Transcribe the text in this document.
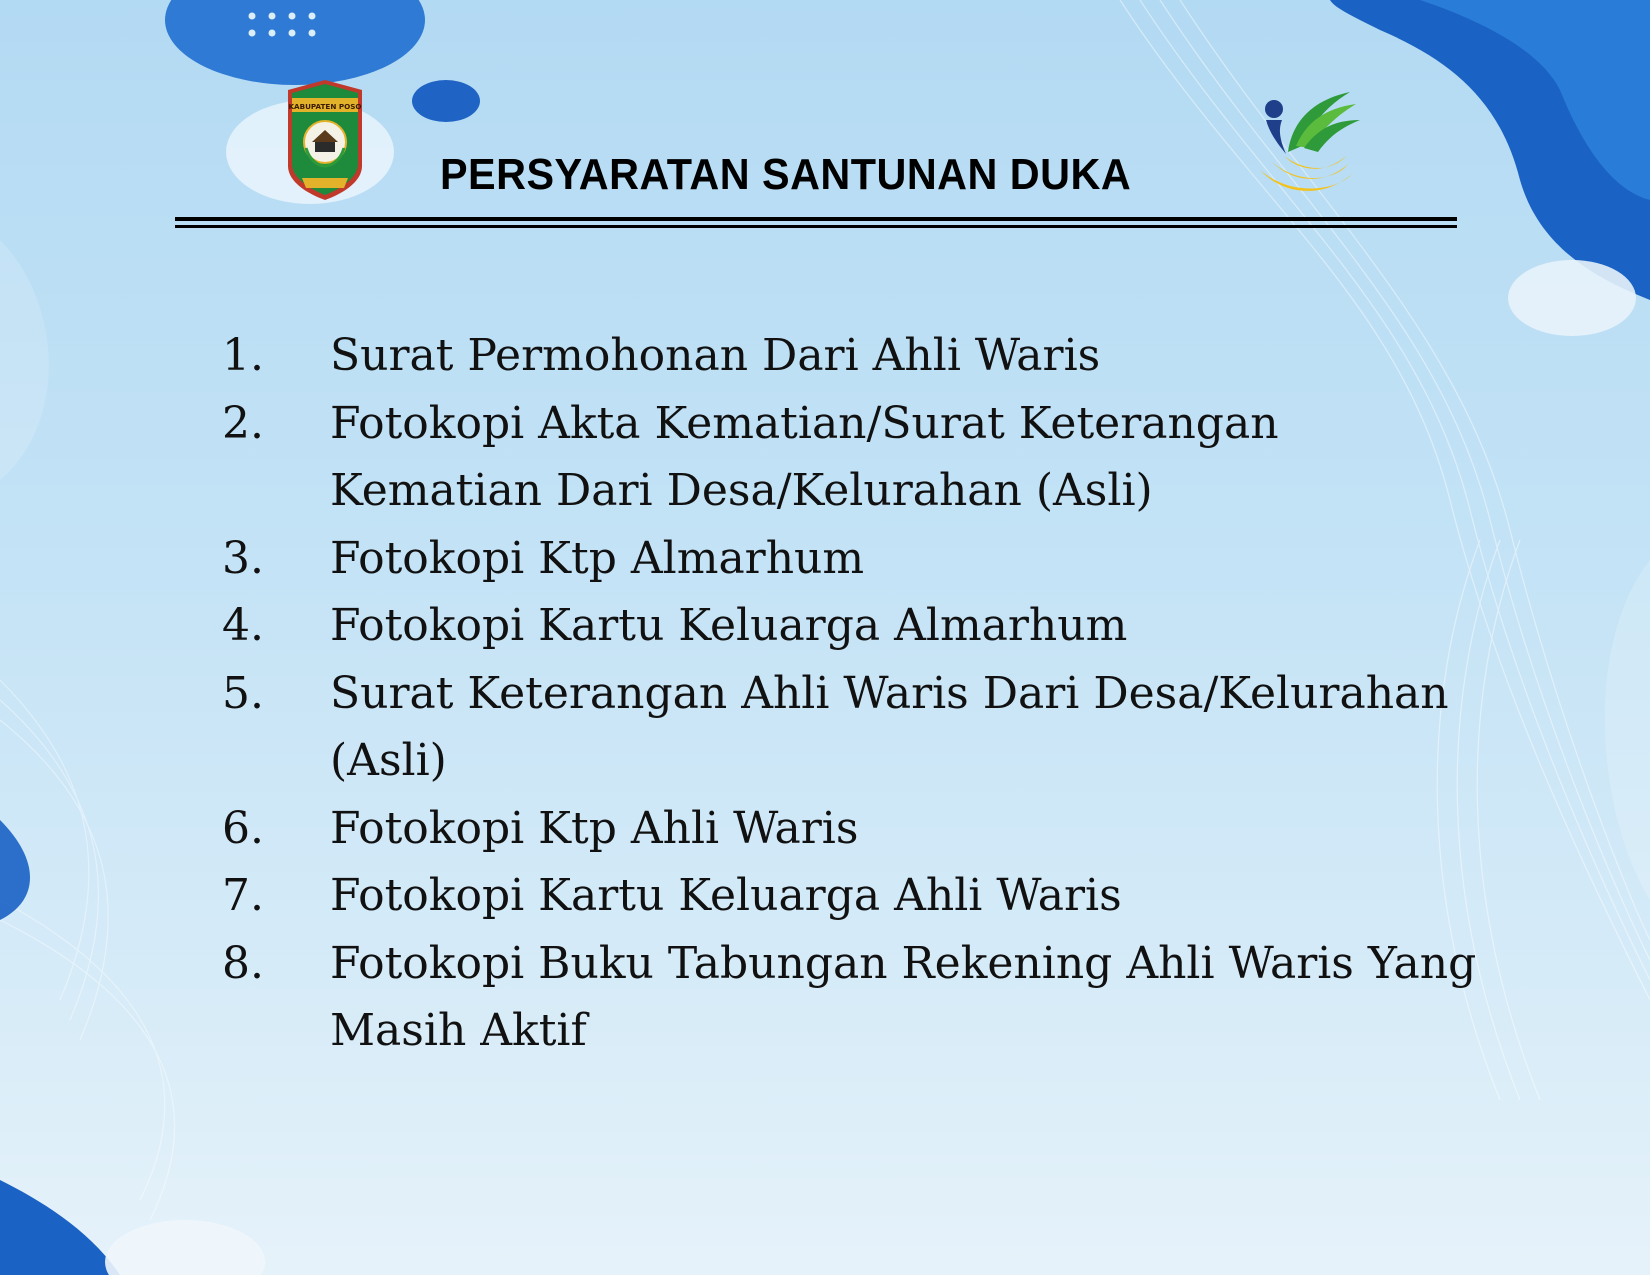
KABUPATEN POSO
PERSYARATAN SANTUNAN DUKA
1.	Surat Permohonan Dari Ahli Waris
2.	Fotokopi Akta Kematian/Surat Keterangan Kematian Dari Desa/Kelurahan (Asli)
3.	Fotokopi Ktp Almarhum
4.	Fotokopi Kartu Keluarga Almarhum
5.	Surat Keterangan Ahli Waris Dari Desa/Kelurahan (Asli)
6.	Fotokopi Ktp Ahli Waris
7.	Fotokopi Kartu Keluarga Ahli Waris
8.	Fotokopi Buku Tabungan Rekening Ahli Waris Yang Masih Aktif
